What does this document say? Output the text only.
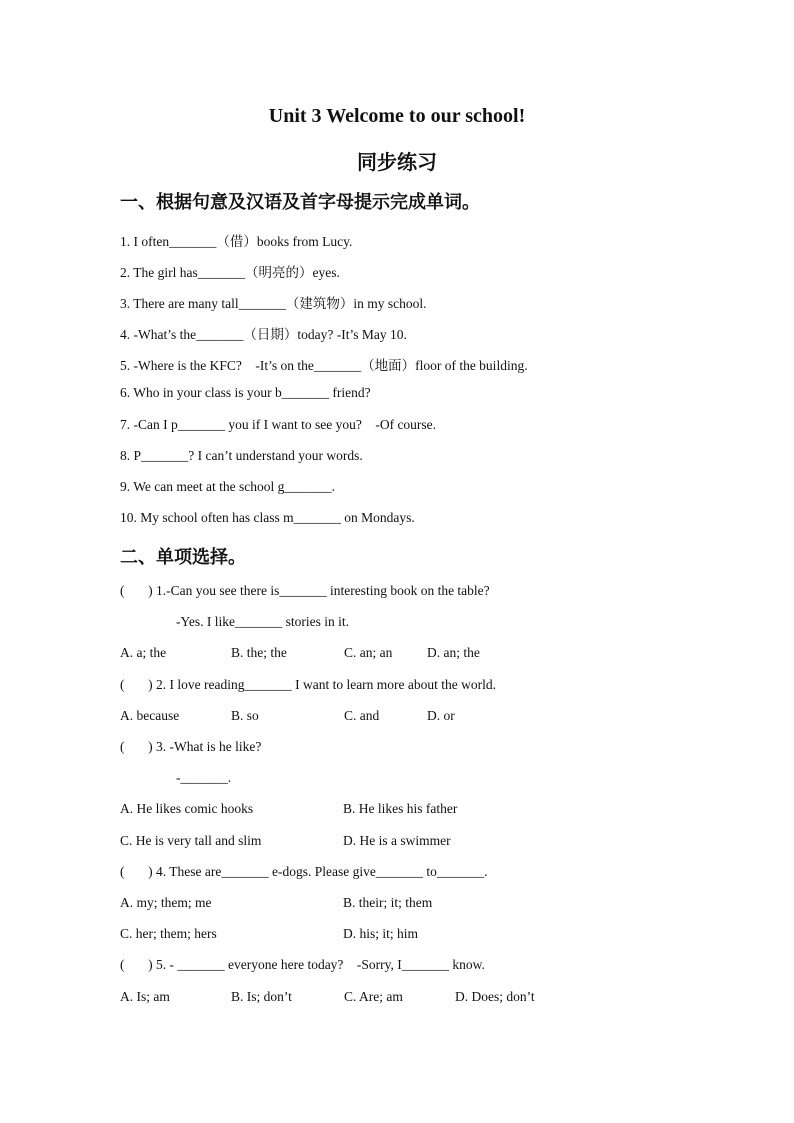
Unit 3 Welcome to our school!
同步练习
一、根据句意及汉语及首字母提示完成单词。
1. I often_______（借）books from Lucy.
2. The girl has_______（明亮的）eyes.
3. There are many tall_______（建筑物）in my school.
4. -What’s the_______（日期）today? -It’s May 10.
5. -Where is the KFC?    -It’s on the_______（地面）floor of the building.
6. Who in your class is your b_______ friend?
7. -Can I p_______ you if I want to see you?    -Of course.
8. P_______? I can’t understand your words.
9. We can meet at the school g_______.
10. My school often has class m_______ on Mondays.
二、单项选择。
(       ) 1.-Can you see there is_______ interesting book on the table?
-Yes. I like_______ stories in it.
A. a; the	B. the; the	C. an; an	D. an; the
(       ) 2. I love reading_______ I want to learn more about the world.
A. because	B. so	C. and	D. or
(       ) 3. -What is he like?
-_______.
A. He likes comic hooks	B. He likes his father
C. He is very tall and slim	D. He is a swimmer
(       ) 4. These are_______ e-dogs. Please give_______ to_______.
A. my; them; me	B. their; it; them
C. her; them; hers	D. his; it; him
(       ) 5. - _______ everyone here today?    -Sorry, I_______ know.
A. Is; am	B. Is; don’t	C. Are; am	D. Does; don’t
